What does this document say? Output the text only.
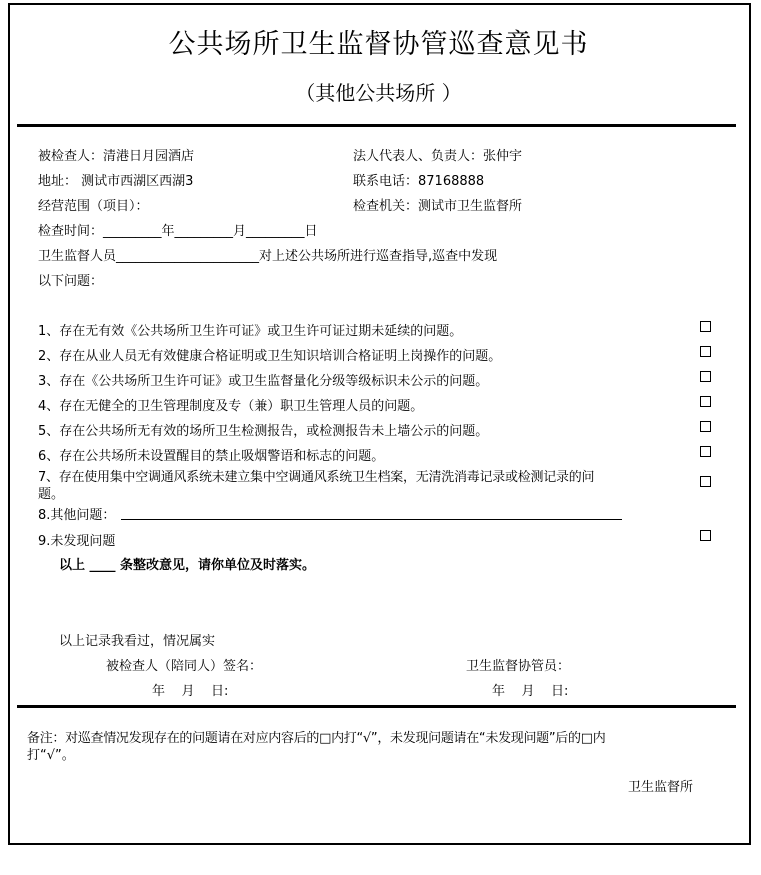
公共场所卫生监督协管巡查意见书
（其他公共场所 ）
被检查人：清港日月园酒店	法人代表人、负责人：张仲宇
地址： 测试市西湖区西湖3	联系电话：87168888
经营范围（项目）：	检查机关：测试市卫生监督所
检查时间：_________年_________月_________日
卫生监督人员______________________对上述公共场所进行巡查指导,巡查中发现
以下问题：
1、存在无有效《公共场所卫生许可证》或卫生许可证过期未延续的问题。
2、存在从业人员无有效健康合格证明或卫生知识培训合格证明上岗操作的问题。
3、存在《公共场所卫生许可证》或卫生监督量化分级等级标识未公示的问题。
4、存在无健全的卫生管理制度及专（兼）职卫生管理人员的问题。
5、存在公共场所无有效的场所卫生检测报告，或检测报告未上墙公示的问题。
6、存在公共场所未设置醒目的禁止吸烟警语和标志的问题。
7、存在使用集中空调通风系统未建立集中空调通风系统卫生档案，无清洗消毒记录或检测记录的问
题。
8.其他问题：
9.未发现问题
以上 ____ 条整改意见，请你单位及时落实。
以上记录我看过，情况属实
被检查人（陪同人）签名：	卫生监督协管员：
年    月    日:	年    月    日:
备注：对巡查情况发现存在的问题请在对应内容后的□内打“√”，未发现问题请在“未发现问题”后的□内
打“√”。
卫生监督所
